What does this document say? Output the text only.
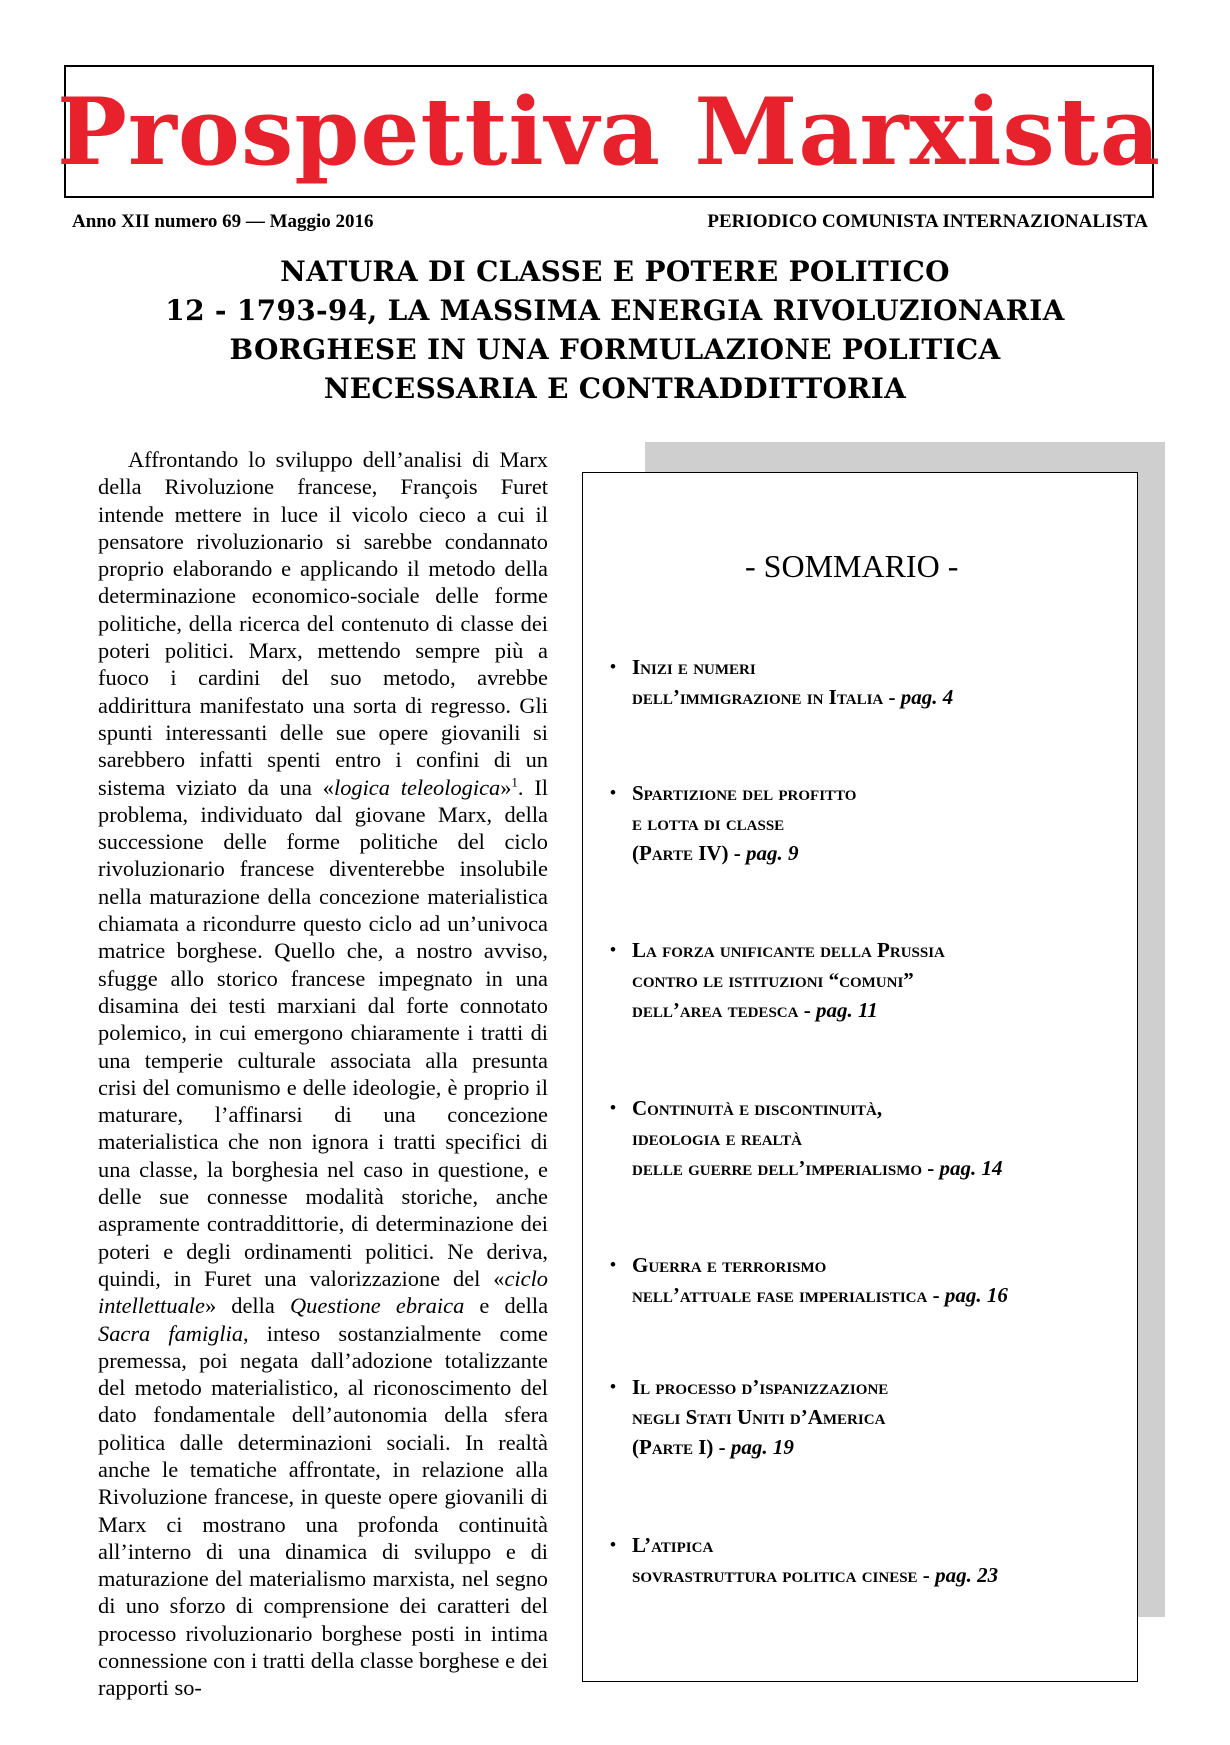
Prospettiva Marxista
Anno XII numero 69 — Maggio 2016	PERIODICO COMUNISTA INTERNAZIONALISTA
NATURA DI CLASSE E POTERE POLITICO
12 - 1793-94, LA MASSIMA ENERGIA RIVOLUZIONARIA
BORGHESE IN UNA FORMULAZIONE POLITICA
NECESSARIA E CONTRADDITTORIA

Affrontando lo sviluppo dell’analisi di Marx della Rivoluzione francese, François Furet intende mettere in luce il vicolo cieco a cui il pensatore rivoluzionario si sarebbe condannato proprio elaborando e applicando il metodo della determinazione economico-sociale delle forme politiche, della ricerca del contenuto di classe dei poteri politici. Marx, mettendo sempre più a fuoco i cardini del suo metodo, avrebbe addirittura manifestato una sorta di regresso. Gli spunti interessanti delle sue opere giovanili si sarebbero infatti spenti entro i confini di un sistema viziato da una «logica teleologica»$^1$. Il problema, individuato dal giovane Marx, della successione delle forme politiche del ciclo rivoluzionario francese diventerebbe insolubile nella maturazione della concezione materialistica chiamata a ricondurre questo ciclo ad un’univoca matrice borghese. Quello che, a nostro avviso, sfugge allo storico francese impegnato in una disamina dei testi marxiani dal forte connotato polemico, in cui emergono chiaramente i tratti di una temperie culturale associata alla presunta crisi del comunismo e delle ideologie, è proprio il maturare, l’affinarsi di una concezione materialistica che non ignora i tratti specifici di una classe, la borghesia nel caso in questione, e delle sue connesse modalità storiche, anche aspramente contraddittorie, di determinazione dei poteri e degli ordinamenti politici. Ne deriva, quindi, in Furet una valorizzazione del «ciclo intellettuale» della Questione ebraica e della Sacra famiglia, inteso sostanzialmente come premessa, poi negata dall’adozione totalizzante del metodo materialistico, al riconoscimento del dato fondamentale dell’autonomia della sfera politica dalle determinazioni sociali. In realtà anche le tematiche affrontate, in relazione alla Rivoluzione francese, in queste opere giovanili di Marx ci mostrano una profonda continuità all’interno di una dinamica di sviluppo e di maturazione del materialismo marxista, nel segno di uno sforzo di comprensione dei caratteri del processo rivoluzionario borghese posti in intima connessione con i tratti della classe borghese e dei rapporti so-

- SOMMARIO -
• Inizi e numeri
dell’immigrazione in Italia - pag. 4
• Spartizione del profitto
e lotta di classe
(Parte IV) - pag. 9
• La forza unificante della Prussia
contro le istituzioni “comuni”
dell’area tedesca - pag. 11
• Continuità e discontinuità,
ideologia e realtà
delle guerre dell’imperialismo - pag. 14
• Guerra e terrorismo
nell’attuale fase imperialistica - pag. 16
• Il processo d’ispanizzazione
negli Stati Uniti d’America
(Parte I) - pag. 19
• L’atipica
sovrastruttura politica cinese - pag. 23
